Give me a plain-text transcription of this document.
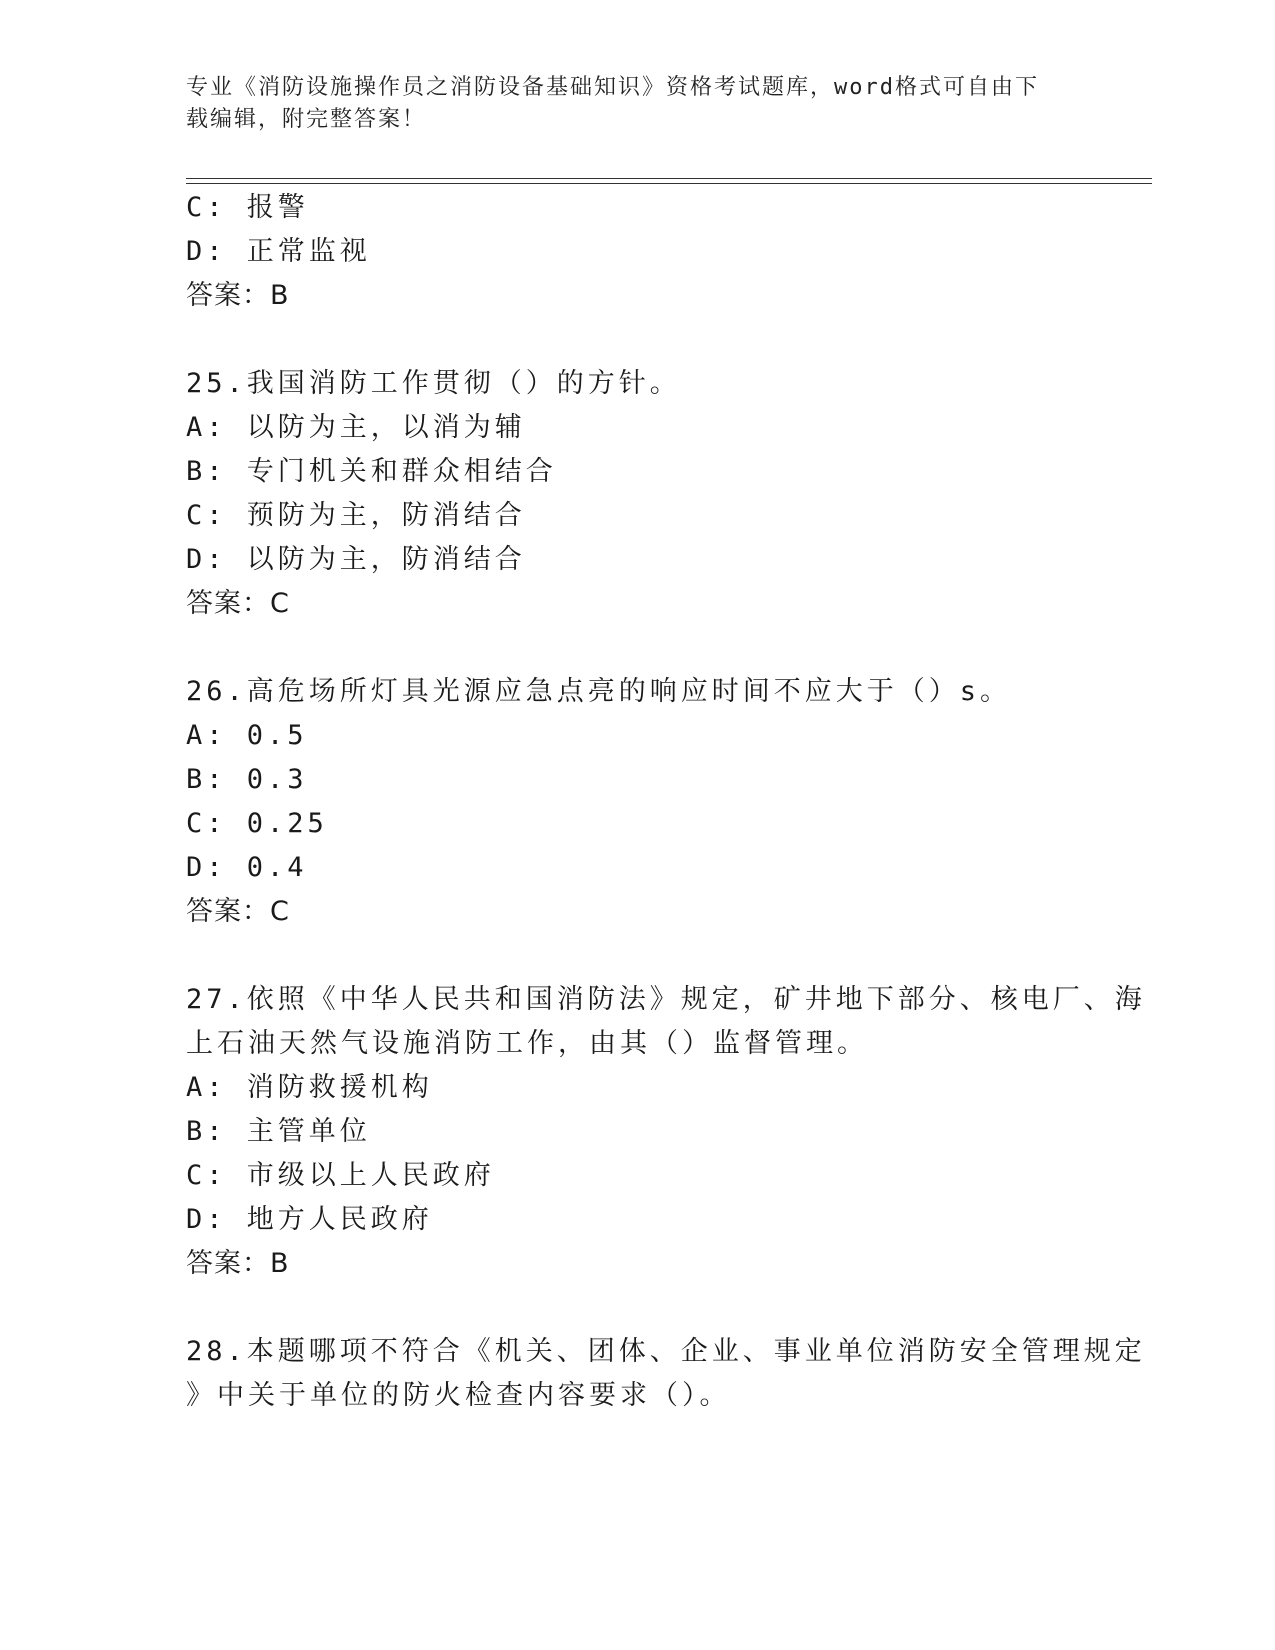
专业《消防设施操作员之消防设备基础知识》资格考试题库，word格式可自由下
载编辑，附完整答案！
C: 报警
D: 正常监视
答案：B
25.我国消防工作贯彻（）的方针。
A: 以防为主，以消为辅
B: 专门机关和群众相结合
C: 预防为主，防消结合
D: 以防为主，防消结合
答案：C
26.高危场所灯具光源应急点亮的响应时间不应大于（）s。
A: 0.5
B: 0.3
C: 0.25
D: 0.4
答案：C
27.依照《中华人民共和国消防法》规定，矿井地下部分、核电厂、海
上石油天然气设施消防工作，由其（）监督管理。
A: 消防救援机构
B: 主管单位
C: 市级以上人民政府
D: 地方人民政府
答案：B
28.本题哪项不符合《机关、团体、企业、事业单位消防安全管理规定
》中关于单位的防火检查内容要求（）。
